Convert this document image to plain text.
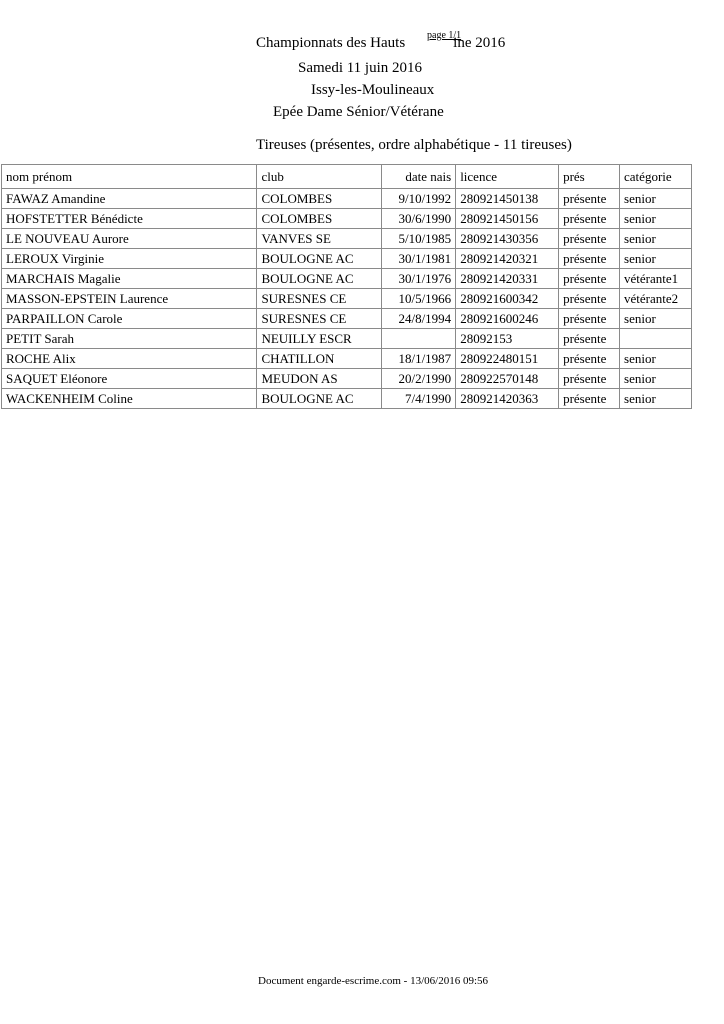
Championnats des Hauts	ine 2016
page 1/1
Samedi 11 juin 2016
Issy-les-Moulineaux
Epée Dame Sénior/Vétérane
Tireuses (présentes, ordre alphabétique - 11 tireuses)
nom prénom	club	date nais	licence	prés	catégorie
FAWAZ Amandine	COLOMBES	9/10/1992	280921450138	présente	senior
HOFSTETTER Bénédicte	COLOMBES	30/6/1990	280921450156	présente	senior
LE NOUVEAU Aurore	VANVES SE	5/10/1985	280921430356	présente	senior
LEROUX Virginie	BOULOGNE AC	30/1/1981	280921420321	présente	senior
MARCHAIS Magalie	BOULOGNE AC	30/1/1976	280921420331	présente	vétérante1
MASSON-EPSTEIN Laurence	SURESNES CE	10/5/1966	280921600342	présente	vétérante2
PARPAILLON Carole	SURESNES CE	24/8/1994	280921600246	présente	senior
PETIT Sarah	NEUILLY ESCR		28092153	présente	
ROCHE Alix	CHATILLON	18/1/1987	280922480151	présente	senior
SAQUET Eléonore	MEUDON AS	20/2/1990	280922570148	présente	senior
WACKENHEIM Coline	BOULOGNE AC	7/4/1990	280921420363	présente	senior
Document engarde-escrime.com - 13/06/2016 09:56
